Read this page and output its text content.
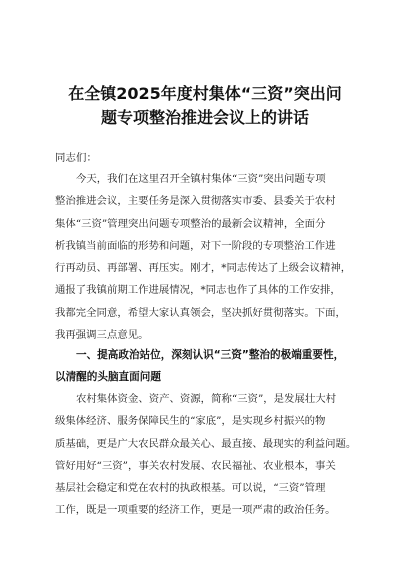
在全镇2025年度村集体“三资”突出问
题专项整治推进会议上的讲话
同志们：
今天，我们在这里召开全镇村集体“三资”突出问题专项
整治推进会议，主要任务是深入贯彻落实市委、县委关于农村
集体“三资”管理突出问题专项整治的最新会议精神，全面分
析我镇当前面临的形势和问题，对下一阶段的专项整治工作进
行再动员、再部署、再压实。刚才，*同志传达了上级会议精神，
通报了我镇前期工作进展情况，*同志也作了具体的工作安排，
我都完全同意，希望大家认真领会，坚决抓好贯彻落实。下面，
我再强调三点意见。
一、提高政治站位，深刻认识“三资”整治的极端重要性，
以清醒的头脑直面问题
农村集体资金、资产、资源，简称“三资”，是发展壮大村
级集体经济、服务保障民生的“家底”，是实现乡村振兴的物
质基础，更是广大农民群众最关心、最直接、最现实的利益问题。
管好用好“三资”，事关农村发展、农民福祉、农业根本，事关
基层社会稳定和党在农村的执政根基。可以说，“三资”管理
工作，既是一项重要的经济工作，更是一项严肃的政治任务。
